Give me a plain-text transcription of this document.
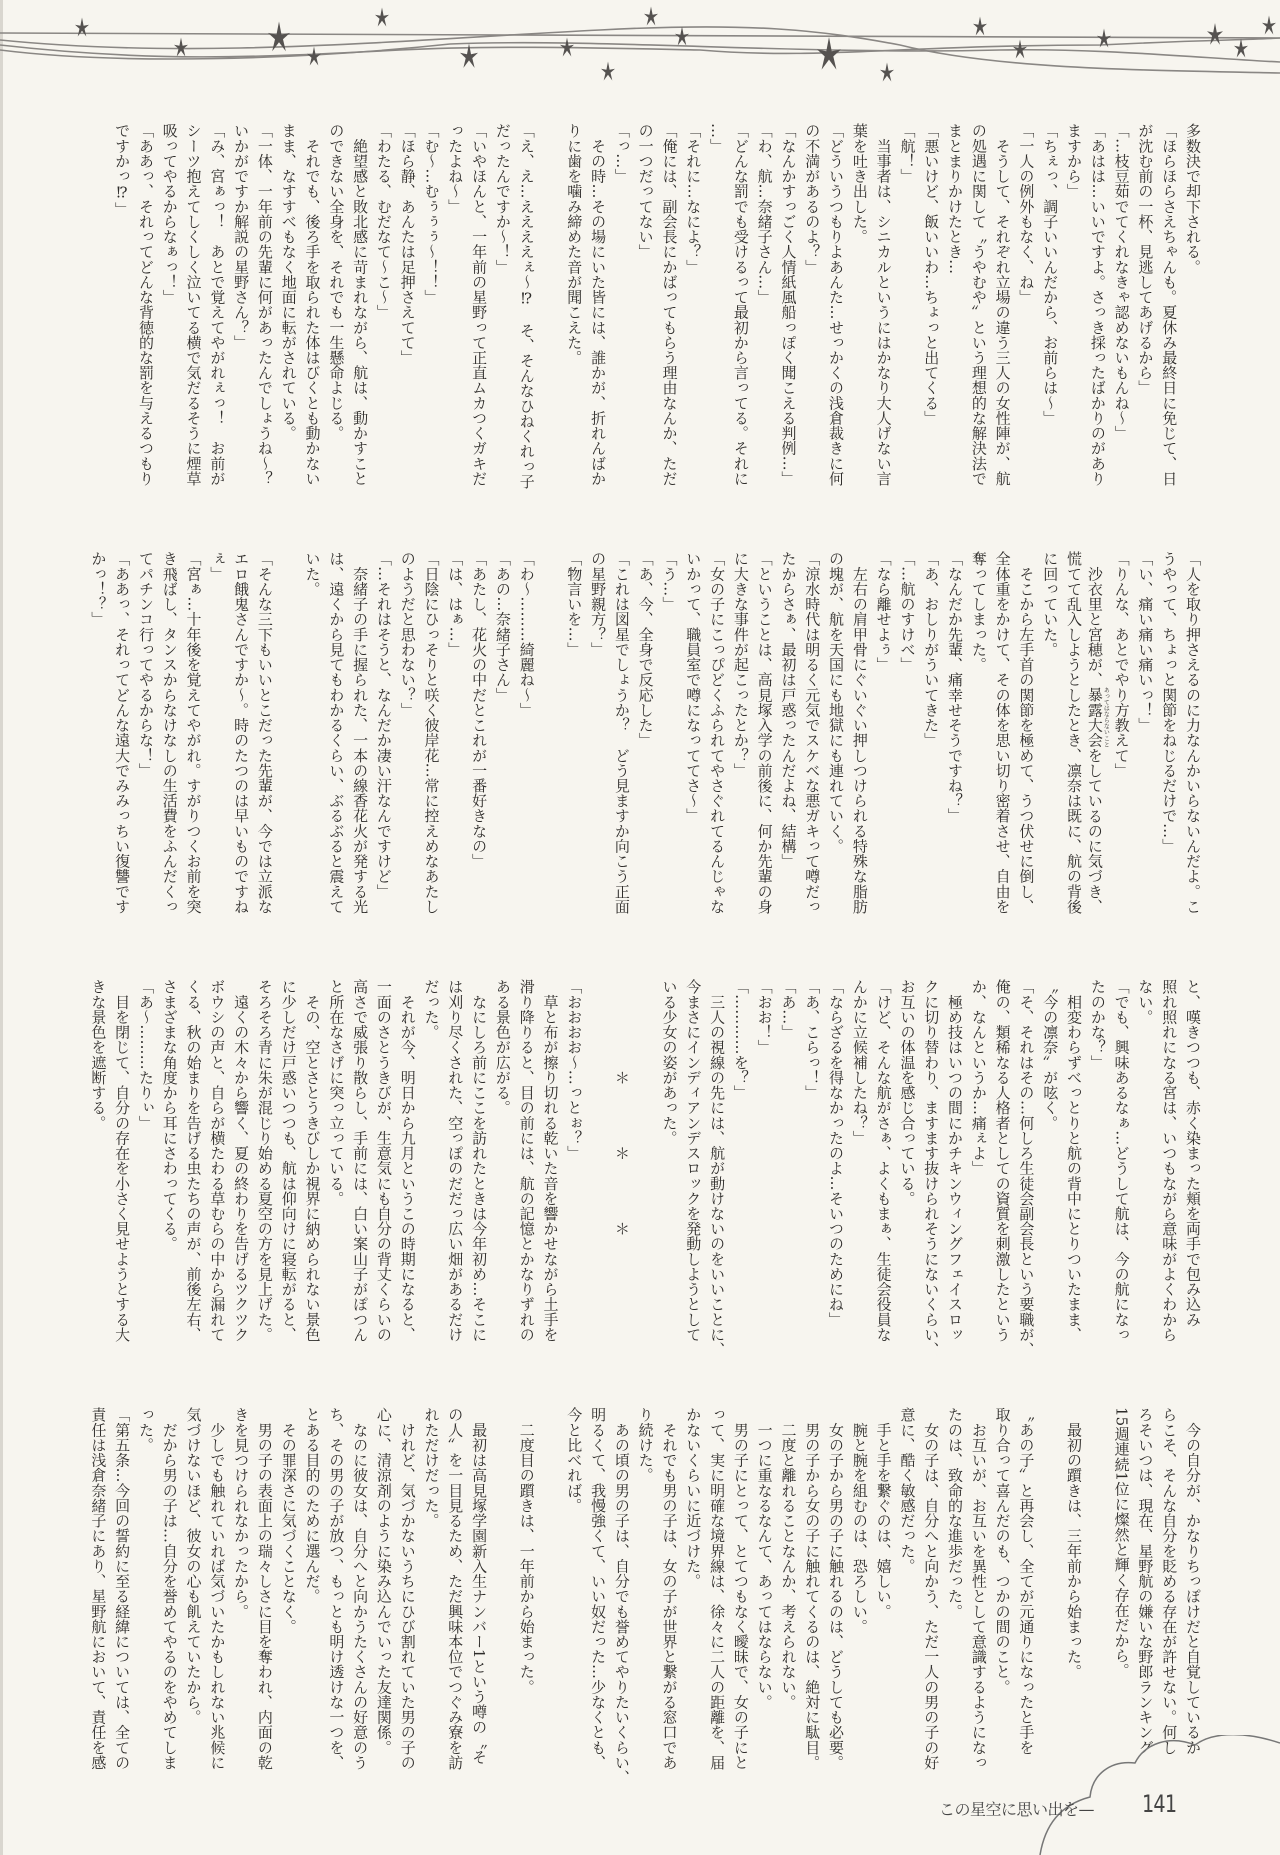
多数決で却下される。
「ほらほらさえちゃんも。夏休み最終日に免じて、日
が沈む前の一杯、見逃してあげるから」
「…枝豆茹でてくれなきゃ認めないもんね～」
「あはは…いいですよ。さっき採ったばかりのがあり
ますから」
「ちぇっ、調子いいんだから、お前らは～」
「一人の例外もなく、ね」
　そうして、それぞれ立場の違う三人の女性陣が、航
の処遇に関して〝うやむや〟という理想的な解決法で
まとまりかけたとき…
「悪いけど、飯いいわ…ちょっと出てくる」
「航！」
　当事者は、シニカルというにはかなり大人げない言
葉を吐き出した。
「どういうつもりよあんた…せっかくの浅倉裁きに何
の不満があるのよ？」
「なんかすっごく人情紙風船っぽく聞こえる判例…」
「わ、航…奈緒子さん…」
「どんな罰でも受けるって最初から言ってる。それに
…」
「それに…なによ？」
「俺には、副会長にかばってもらう理由なんか、ただ
の一つだってない」
「っ…」
　その時…その場にいた皆には、誰かが、折れんばか
りに歯を噛み締めた音が聞こえた。
「え、え…ええええぇ～⁉　そ、そんなひねくれっ子
だったんですか～！」
「いやほんと、一年前の星野って正直ムカつくガキだ
ったよね～」
「む～…むぅぅぅ～！！」
「ほら静、あんたは足押さえてて」
「わたる、むだなて～こ～」
　絶望感と敗北感に苛まれながら、航は、動かすこと
のできない全身を、それでも一生懸命よじる。
　それでも、後ろ手を取られた体はびくとも動かない
まま、なすすべもなく地面に転がされている。
「一体、一年前の先輩に何があったんでしょうね～？
いかがですか解説の星野さん？」
「み、宮ぁっ！　あとで覚えてやがれぇっ！　お前が
シーツ抱えてしくしく泣いてる横で気だるそうに煙草
吸ってやるからなぁっ！」
「ああっ、それってどんな背徳的な罰を与えるつもり
ですかっ⁉」
「人を取り押さえるのに力なんかいらないんだよ。こ
うやって、ちょっと関節をねじるだけで…」
「い、痛い痛い痛いっ！」
「りんな、あとでやり方教えて」
　沙衣里と宮穂が、暴露大会あってはならないことをしているのに気づき、
慌てて乱入しようとしたとき、凛奈は既に、航の背後
に回っていた。
　そこから左手首の関節を極めて、うつ伏せに倒し、
全体重をかけて、その体を思い切り密着させ、自由を
奪ってしまった。
「なんだか先輩、痛幸せそうですね？」
「あ、おしりがういてきた」
「…航のすけべ」
「なら離せよぅ」
　左右の肩甲骨にぐいぐい押しつけられる特殊な脂肪
の塊が、航を天国にも地獄にも連れていく。
「涼水時代は明るく元気でスケベな悪ガキって噂だっ
たからさぁ、最初は戸惑ったんだよね、結構」
「ということは、高見塚入学の前後に、何か先輩の身
に大きな事件が起こったとか？」
「女の子にこっぴどくふられてやさぐれてるんじゃな
いかって、職員室で噂になっててさ～」
「う…」
「あ、今、全身で反応した」
「これは図星でしょうか？　どう見ますか向こう正面
の星野親方？」
「物言いを…」
「わ～………綺麗ね～」
「あの…奈緒子さん」
「あたし、花火の中だとこれが一番好きなの」
「は、はぁ…」
「日陰にひっそりと咲く彼岸花…常に控えめなあたし
のようだと思わない？」
「…それはそうと、なんだか凄い汗なんですけど」
　奈緒子の手に握られた、一本の線香花火が発する光
は、遠くから見てもわかるくらい、ぶるぶると震えて
いた。
「そんな三下もいいとこだった先輩が、今では立派な
エロ餓鬼さんですか～。時のたつのは早いものですね
ぇ」
「宮ぁ…十年後を覚えてやがれ。すがりつくお前を突
き飛ばし、タンスからなけなしの生活費をふんだくっ
てパチンコ行ってやるからな！」
「ああっ、それってどんな遠大でみみっちい復讐です
かっ！？」
と、嘆きつつも、赤く染まった頬を両手で包み込み
照れ照れになる宮は、いつもながら意味がよくわから
ない。
「でも、興味あるなぁ…どうして航は、今の航になっ
たのかな？」
　相変わらずべっとりと航の背中にとりついたまま、
〝今の凛奈〟が呟く。
「そ、それはその…何しろ生徒会副会長という要職が、
俺の、類稀なる人格者としての資質を刺激したという
か、なんというか…痛ぇよ」
　極め技はいつの間にかチキンウィングフェイスロッ
クに切り替わり、ますます抜けられそうにないくらい、
お互いの体温を感じ合っている。
「けど、そんな航がさぁ、よくもまぁ、生徒会役員な
んかに立候補したね？」
「ならざるを得なかったのよ…そいつのためにね」
「あ、こらっ！」
「あ…」
「おお！」
「…………を？」
　三人の視線の先には、航が動けないのをいいことに、
今まさにインディアンデスロックを発動しようとして
いる少女の姿があった。
　　　　　　＊　　　　＊　　　　＊
「おおおお～…っとぉ？」
　草と布が擦り切れる乾いた音を響かせながら土手を
滑り降りると、目の前には、航の記憶とかなりずれの
ある景色が広がる。
　なにしろ前にここを訪れたときは今年初め…そこに
は刈り尽くされた、空っぽのだだっ広い畑があるだけ
だった。
　それが今、明日から九月というこの時期になると、
一面のさとうきびが、生意気にも自分の背丈くらいの
高さで威張り散らし、手前には、白い案山子がぽつん
と所在なさげに突っ立っている。
　その、空とさとうきびしか視界に納められない景色
に少しだけ戸惑いつつも、航は仰向けに寝転がると、
そろそろ青に朱が混じり始める夏空の方を見上げた。
　遠くの木々から響く、夏の終わりを告げるツクツク
ボウシの声と、自らが横たわる草むらの中から漏れて
くる、秋の始まりを告げる虫たちの声が、前後左右、
さまざまな角度から耳にさわってくる。
「あ～………たりぃ」
　目を閉じて、自分の存在を小さく見せようとする大
きな景色を遮断する。
　今の自分が、かなりちっぽけだと自覚しているか
らこそ、そんな自分を貶める存在が許せない。何し
ろそいつは、現在、星野航の嫌いな野郎ランキング
15週連続1位に燦然と輝く存在だから。
　最初の躓きは、三年前から始まった。
〝あの子〟と再会し、全てが元通りになったと手を
取り合って喜んだのも、つかの間のこと。
　お互いが、お互いを異性として意識するようになっ
たのは、致命的な進歩だった。
　女の子は、自分へと向かう、ただ一人の男の子の好
意に、酷く敏感だった。
　手と手を繋ぐのは、嬉しい。
　腕と腕を組むのは、恐ろしい。
　女の子から男の子に触れるのは、どうしても必要。
　男の子から女の子に触れてくるのは、絶対に駄目。
　二度と離れることなんか、考えられない。
　一つに重なるなんて、あってはならない。
　男の子にとって、とてつもなく曖昧で、女の子にと
って、実に明確な境界線は、徐々に二人の距離を、届
かないくらいに近づけた。
　それでも男の子は、女の子が世界と繋がる窓口であ
り続けた。
　あの頃の男の子は、自分でも誉めてやりたいくらい、
明るくて、我慢強くて、いい奴だった…少なくとも、
今と比べれば。
　二度目の躓きは、一年前から始まった。
　最初は高見塚学園新入生ナンバー1という噂の〝そ
の人〟を一目見るため、ただ興味本位でつぐみ寮を訪
れただけだった。
　けれど、気づかないうちにひび割れていた男の子の
心に、清涼剤のように染み込んでいった友達関係。
　なのに彼女は、自分へと向かうたくさんの好意のう
ち、その男の子が放つ、もっとも明け透けな一つを、
とある目的のために選んだ。
　その罪深さに気づくことなく。
　男の子の表面上の瑞々しさに目を奪われ、内面の乾
きを見つけられなかったから。
　少しでも触れていれば気づいたかもしれない兆候に
気づけないほど、彼女の心も飢えていたから。
　だから男の子は…自分を誉めてやるのをやめてしま
った。
「第五条…今回の誓約に至る経緯については、全ての
責任は浅倉奈緒子にあり、星野航において、責任を感
この星空に思い出を— 141
